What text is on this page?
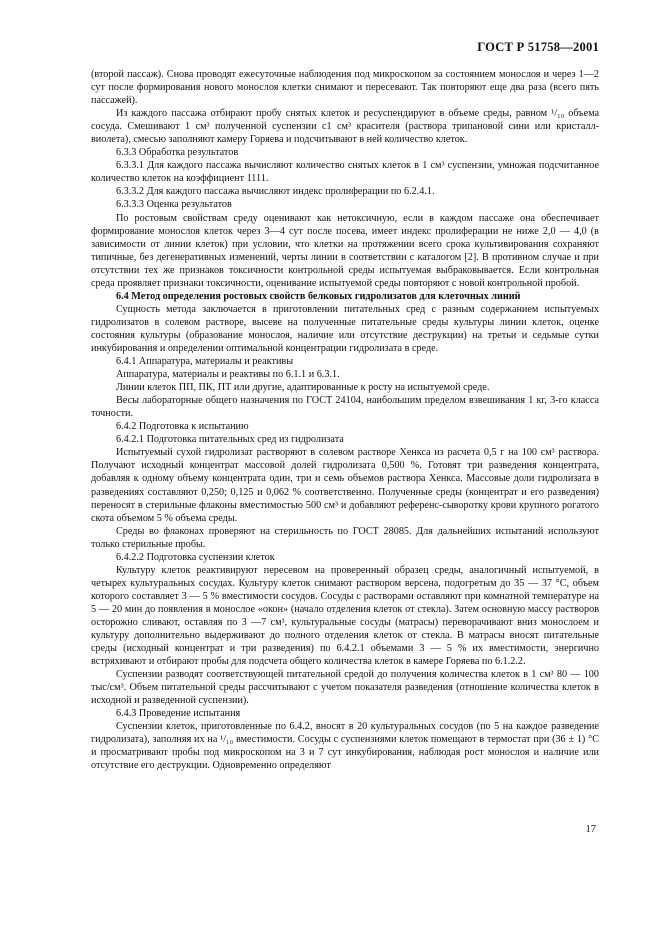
ГОСТ Р 51758—2001

(второй пассаж). Снова проводят ежесуточные наблюдения под микроскопом за состоянием монослоя и через 1—2 сут после формирования нового монослоя клетки снимают и пересевают. Так повторяют еще два раза (всего пять пассажей).

Из каждого пассажа отбирают пробу снятых клеток и ресуспендируют в объеме среды, равном ¹/₁₀ объема сосуда. Смешивают 1 см³ полученной суспензии с1 см³ красителя (раствора трипановой сини или кристалл-виолета), смесью заполняют камеру Горяева и подсчитывают в ней количество клеток.

6.3.3 Обработка результатов

6.3.3.1 Для каждого пассажа вычисляют количество снятых клеток в 1 см³ суспензии, умножая подсчитанное количество клеток на коэффициент 1111.

6.3.3.2 Для каждого пассажа вычисляют индекс пролиферации по 6.2.4.1.

6.3.3.3 Оценка результатов

По ростовым свойствам среду оценивают как нетоксичную, если в каждом пассаже она обеспечивает формирование монослоя клеток через 3—4 сут после посева, имеет индекс пролиферации не ниже 2,0 — 4,0 (в зависимости от линии клеток) при условии, что клетки на протяжении всего срока культивирования сохраняют типичные, без дегенеративных изменений, черты линии в соответствии с каталогом [2]. В противном случае и при отсутствии тех же признаков токсичности контрольной среды испытуемая выбраковывается. Если контрольная среда проявляет признаки токсичности, оценивание испытуемой среды повторяют с новой контрольной пробой.

6.4 Метод определения ростовых свойств белковых гидролизатов для клеточных линий

Сущность метода заключается в приготовлении питательных сред с разным содержанием испытуемых гидролизатов в солевом растворе, высеве на полученные питательные среды культуры линии клеток, оценке состояния культуры (образование монослоя, наличие или отсутствие деструкции) на третьи и седьмые сутки инкубирования и определении оптимальной концентрации гидролизата в среде.

6.4.1 Аппаратура, материалы и реактивы

Аппаратура, материалы и реактивы по 6.1.1 и 6.3.1.

Линии клеток ПП, ПК, ПТ или другие, адаптированные к росту на испытуемой среде.

Весы лабораторные общего назначения по ГОСТ 24104, наибольшим пределом взвешивания 1 кг, 3-го класса точности.

6.4.2 Подготовка к испытанию

6.4.2.1 Подготовка питательных сред из гидролизата

Испытуемый сухой гидролизат растворяют в солевом растворе Хенкса из расчета 0,5 г на 100 см³ раствора. Получают исходный концентрат массовой долей гидролизата 0,500 %. Готовят три разведения концентрата, добавляя к одному объему концентрата один, три и семь объемов раствора Хенкса. Массовые доли гидролизата в разведениях составляют 0,250; 0,125 и 0,062 % соответственно. Полученные среды (концентрат и его разведения) переносят в стерильные флаконы вместимостью 500 см³ и добавляют референс-сыворотку крови крупного рогатого скота объемом 5 % объема среды.

Среды во флаконах проверяют на стерильность по ГОСТ 28085. Для дальнейших испытаний используют только стерильные пробы.

6.4.2.2 Подготовка суспензии клеток

Культуру клеток реактивируют пересевом на проверенный образец среды, аналогичный испытуемой, в четырех культуральных сосудах. Культуру клеток снимают раствором версена, подогретым до 35 — 37 °С, объем которого составляет 3 — 5 % вместимости сосудов. Сосуды с растворами оставляют при комнатной температуре на 5 — 20 мин до появления в монослое «окон» (начало отделения клеток от стекла). Затем основную массу растворов осторожно сливают, оставляя по 3 —7 см³, культуральные сосуды (матрасы) переворачивают вниз монослоем и культуру дополнительно выдерживают до полного отделения клеток от стекла. В матрасы вносят питательные среды (исходный концентрат и три разведения) по 6.4.2.1 объемами 3 — 5 % их вместимости, энергично встряхивают и отбирают пробы для подсчета общего количества клеток в камере Горяева по 6.1.2.2.

Суспензии разводят соответствующей питательной средой до получения количества клеток в 1 см³ 80 — 100 тыс/см³. Объем питательной среды рассчитывают с учетом показателя разведения (отношение количества клеток в исходной и разведенной суспензии).

6.4.3 Проведение испытания

Суспензии клеток, приготовленные по 6.4.2, вносят в 20 культуральных сосудов (по 5 на каждое разведение гидролизата), заполняя их на ¹/₁₀ вместимости. Сосуды с суспензиями клеток помещают в термостат при (36 ± 1) °С и просматривают пробы под микроскопом на 3 и 7 сут инкубирования, наблюдая рост монослоя и наличие или отсутствие его деструкции. Одновременно определяют

17
